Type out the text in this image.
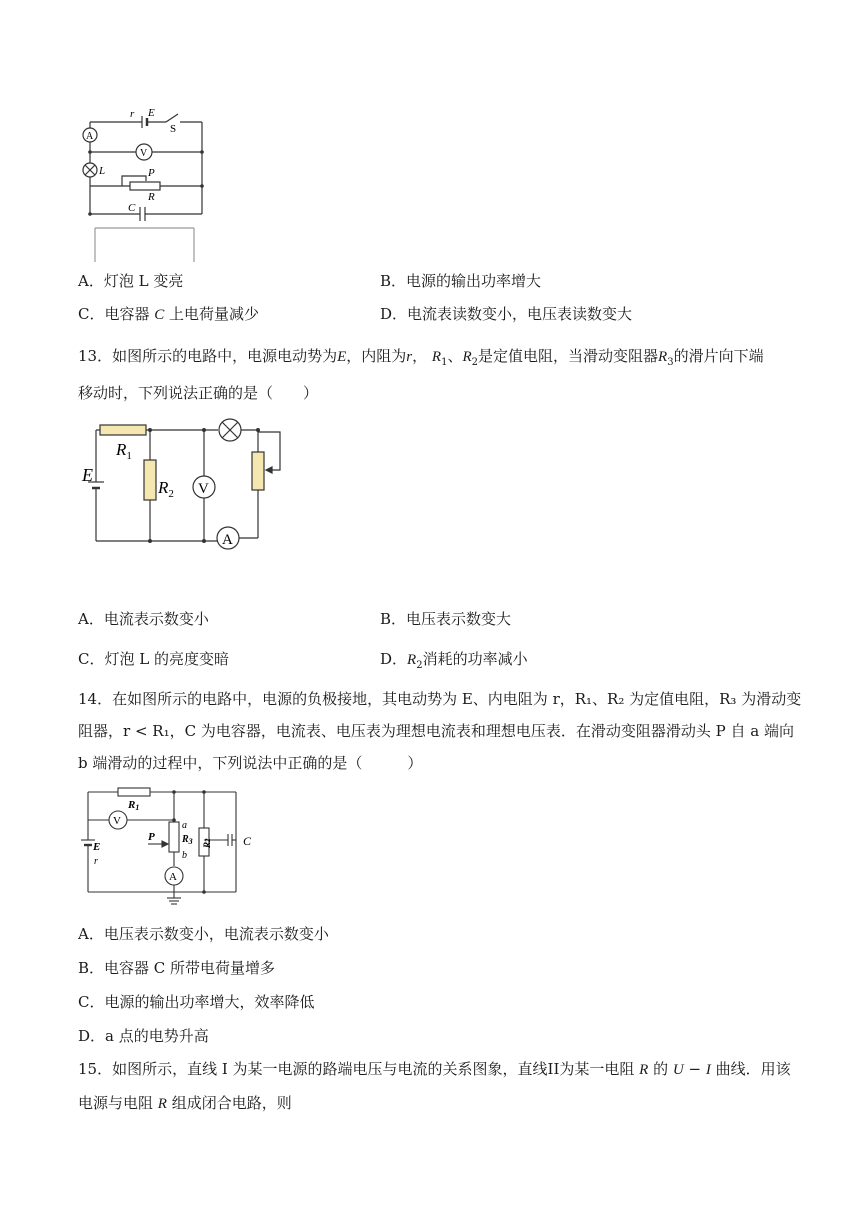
r E
S
A
V
L	P
R
C
A．灯泡 L 变亮	B．电源的输出功率增大
C．电容器 C 上电荷量减少	D．电流表读数变小，电压表读数变大
13．如图所示的电路中，电源电动势为E，内阻为r， $R_1$、$R_2$是定值电阻，当滑动变阻器$R_3$的滑片向下端
移动时，下列说法正确的是（　　）
$R_1$
$R_2$
E
V
A
A．电流表示数变小	B．电压表示数变大
C．灯泡 L 的亮度变暗	D．$R_2$消耗的功率减小
14．在如图所示的电路中，电源的负极接地，其电动势为 E、内电阻为 r，R₁、R₂ 为定值电阻，R₃ 为滑动变
阻器，r < R₁，C 为电容器，电流表、电压表为理想电流表和理想电压表．在滑动变阻器滑动头 P 自 a 端向
b 端滑动的过程中，下列说法中正确的是（　　　）
R1
V
P	$R_3$
a
b
E
r
A
R2	C
A．电压表示数变小，电流表示数变小
B．电容器 C 所带电荷量增多
C．电源的输出功率增大，效率降低
D．a 点的电势升高
15．如图所示，直线 I 为某一电源的路端电压与电流的关系图象，直线II为某一电阻 R 的 U − I 曲线．用该
电源与电阻 R 组成闭合电路，则
